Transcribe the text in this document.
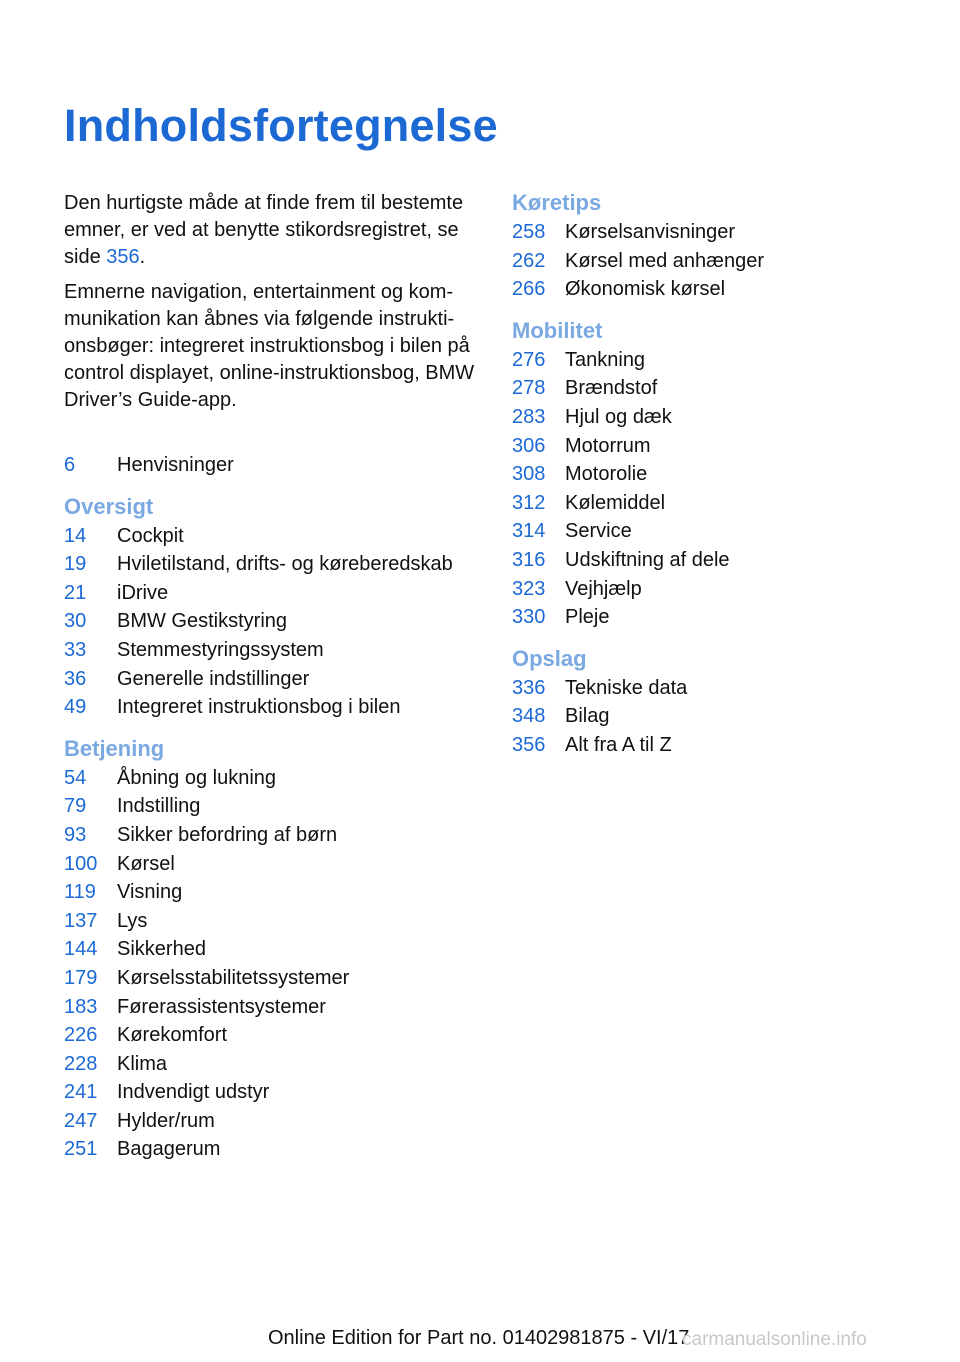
Indholdsfortegnelse

Den hurtigste måde at finde frem til bestemte emner, er ved at benytte stikordsregistret, se side 356.

Emnerne navigation, entertainment og kommunikation kan åbnes via følgende instruktionsbøger: integreret instruktionsbog i bilen på control displayet, online-instruktionsbog, BMW Driver’s Guide-app.

6	Henvisninger
Oversigt
14	Cockpit
19	Hviletilstand, drifts- og køreberedskab
21	iDrive
30	BMW Gestikstyring
33	Stemmestyringssystem
36	Generelle indstillinger
49	Integreret instruktionsbog i bilen
Betjening
54	Åbning og lukning
79	Indstilling
93	Sikker befordring af børn
100 Kørsel
119	Visning
137 Lys
144 Sikkerhed
179 Kørselsstabilitetssystemer
183 Førerassistentsystemer
226 Kørekomfort
228 Klima
241 Indvendigt udstyr
247 Hylder/rum
251 Bagagerum
Køretips
258 Kørselsanvisninger
262 Kørsel med anhænger
266 Økonomisk kørsel
Mobilitet
276 Tankning
278 Brændstof
283 Hjul og dæk
306 Motorrum
308 Motorolie
312 Kølemiddel
314 Service
316 Udskiftning af dele
323 Vejhjælp
330 Pleje
Opslag
336 Tekniske data
348 Bilag
356 Alt fra A til Z
Online Edition for Part no. 01402981875 - VI/17
carmanualsonline.info
